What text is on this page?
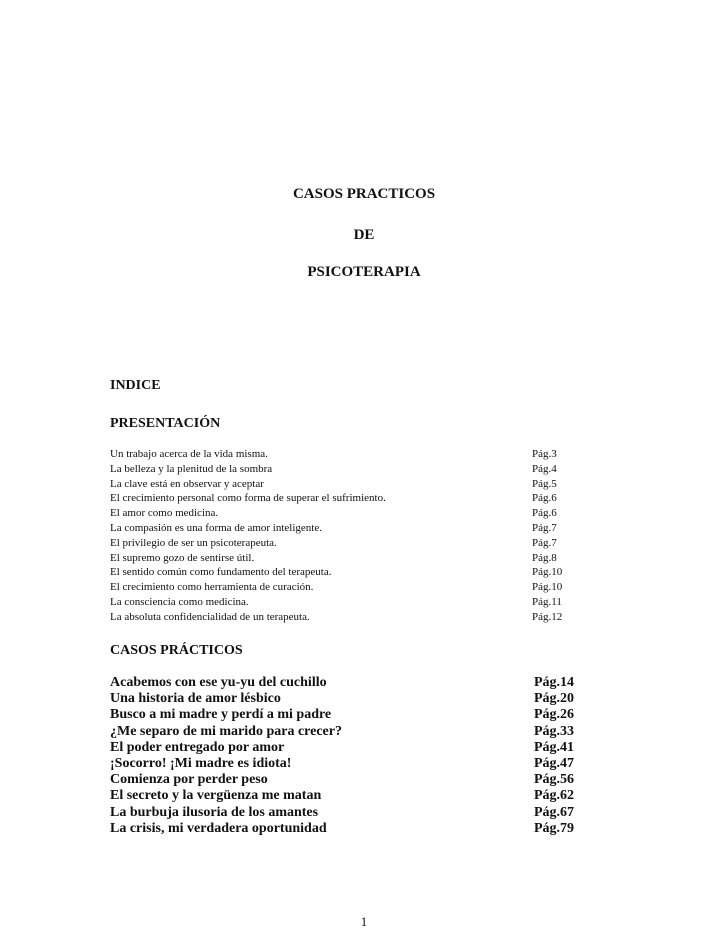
CASOS PRACTICOS
DE
PSICOTERAPIA
INDICE
PRESENTACIÓN
Un trabajo acerca de la vida misma.	Pág.3
La belleza y la plenitud de la sombra	Pág.4
La clave está en observar y aceptar	Pág.5
El crecimiento personal como forma de superar el sufrimiento.	Pág.6
El amor como medicina.	Pág.6
La compasión es una forma de amor inteligente.	Pág.7
El privilegio de ser un psicoterapeuta.	Pág.7
El supremo gozo de sentirse útil.	Pág.8
El sentido común como fundamento del terapeuta.	Pág.10
El crecimiento como herramienta de curación.	Pág.10
La consciencia como medicina.	Pág.11
La absoluta confidencialidad de un terapeuta.	Pág.12
CASOS PRÁCTICOS
Acabemos con ese yu-yu del cuchillo	Pág.14
Una historia de amor lésbico	Pág.20
Busco a mi madre y perdí a mi padre	Pág.26
¿Me separo de mi marido para crecer?	Pág.33
El poder entregado por amor	Pág.41
¡Socorro! ¡Mi madre es idiota!	Pág.47
Comienza por perder peso	Pág.56
El secreto y la vergüenza me matan	Pág.62
La burbuja ilusoria de los amantes	Pág.67
La crisis, mi verdadera oportunidad	Pág.79
1
